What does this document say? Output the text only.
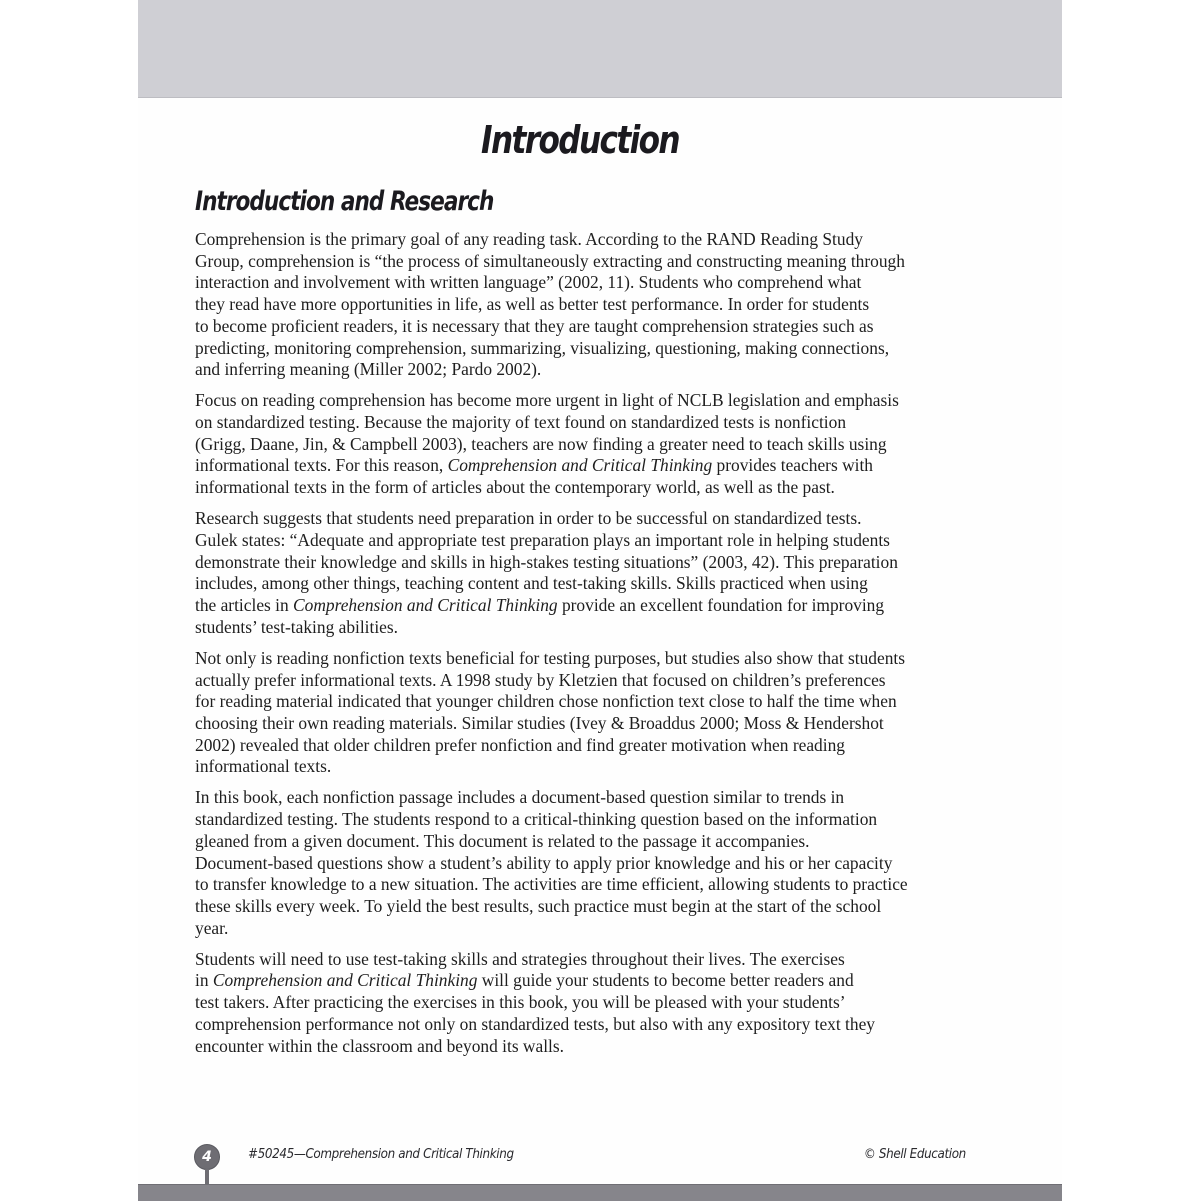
Introduction
Introduction and Research

Comprehension is the primary goal of any reading task. According to the RAND Reading Study
Group, comprehension is “the process of simultaneously extracting and constructing meaning through
interaction and involvement with written language” (2002, 11). Students who comprehend what
they read have more opportunities in life, as well as better test performance. In order for students
to become proficient readers, it is necessary that they are taught comprehension strategies such as
predicting, monitoring comprehension, summarizing, visualizing, questioning, making connections,
and inferring meaning (Miller 2002; Pardo 2002).

Focus on reading comprehension has become more urgent in light of NCLB legislation and emphasis
on standardized testing. Because the majority of text found on standardized tests is nonfiction
(Grigg, Daane, Jin, & Campbell 2003), teachers are now finding a greater need to teach skills using
informational texts. For this reason, Comprehension and Critical Thinking provides teachers with
informational texts in the form of articles about the contemporary world, as well as the past.

Research suggests that students need preparation in order to be successful on standardized tests.
Gulek states: “Adequate and appropriate test preparation plays an important role in helping students
demonstrate their knowledge and skills in high-stakes testing situations” (2003, 42). This preparation
includes, among other things, teaching content and test-taking skills. Skills practiced when using
the articles in Comprehension and Critical Thinking provide an excellent foundation for improving
students’ test-taking abilities.

Not only is reading nonfiction texts beneficial for testing purposes, but studies also show that students
actually prefer informational texts. A 1998 study by Kletzien that focused on children’s preferences
for reading material indicated that younger children chose nonfiction text close to half the time when
choosing their own reading materials. Similar studies (Ivey & Broaddus 2000; Moss & Hendershot
2002) revealed that older children prefer nonfiction and find greater motivation when reading
informational texts.

In this book, each nonfiction passage includes a document-based question similar to trends in
standardized testing. The students respond to a critical-thinking question based on the information
gleaned from a given document. This document is related to the passage it accompanies.
Document-based questions show a student’s ability to apply prior knowledge and his or her capacity
to transfer knowledge to a new situation. The activities are time efficient, allowing students to practice
these skills every week. To yield the best results, such practice must begin at the start of the school
year.

Students will need to use test-taking skills and strategies throughout their lives. The exercises
in Comprehension and Critical Thinking will guide your students to become better readers and
test takers. After practicing the exercises in this book, you will be pleased with your students’
comprehension performance not only on standardized tests, but also with any expository text they
encounter within the classroom and beyond its walls.

4	#50245—Comprehension and Critical Thinking	© Shell Education
